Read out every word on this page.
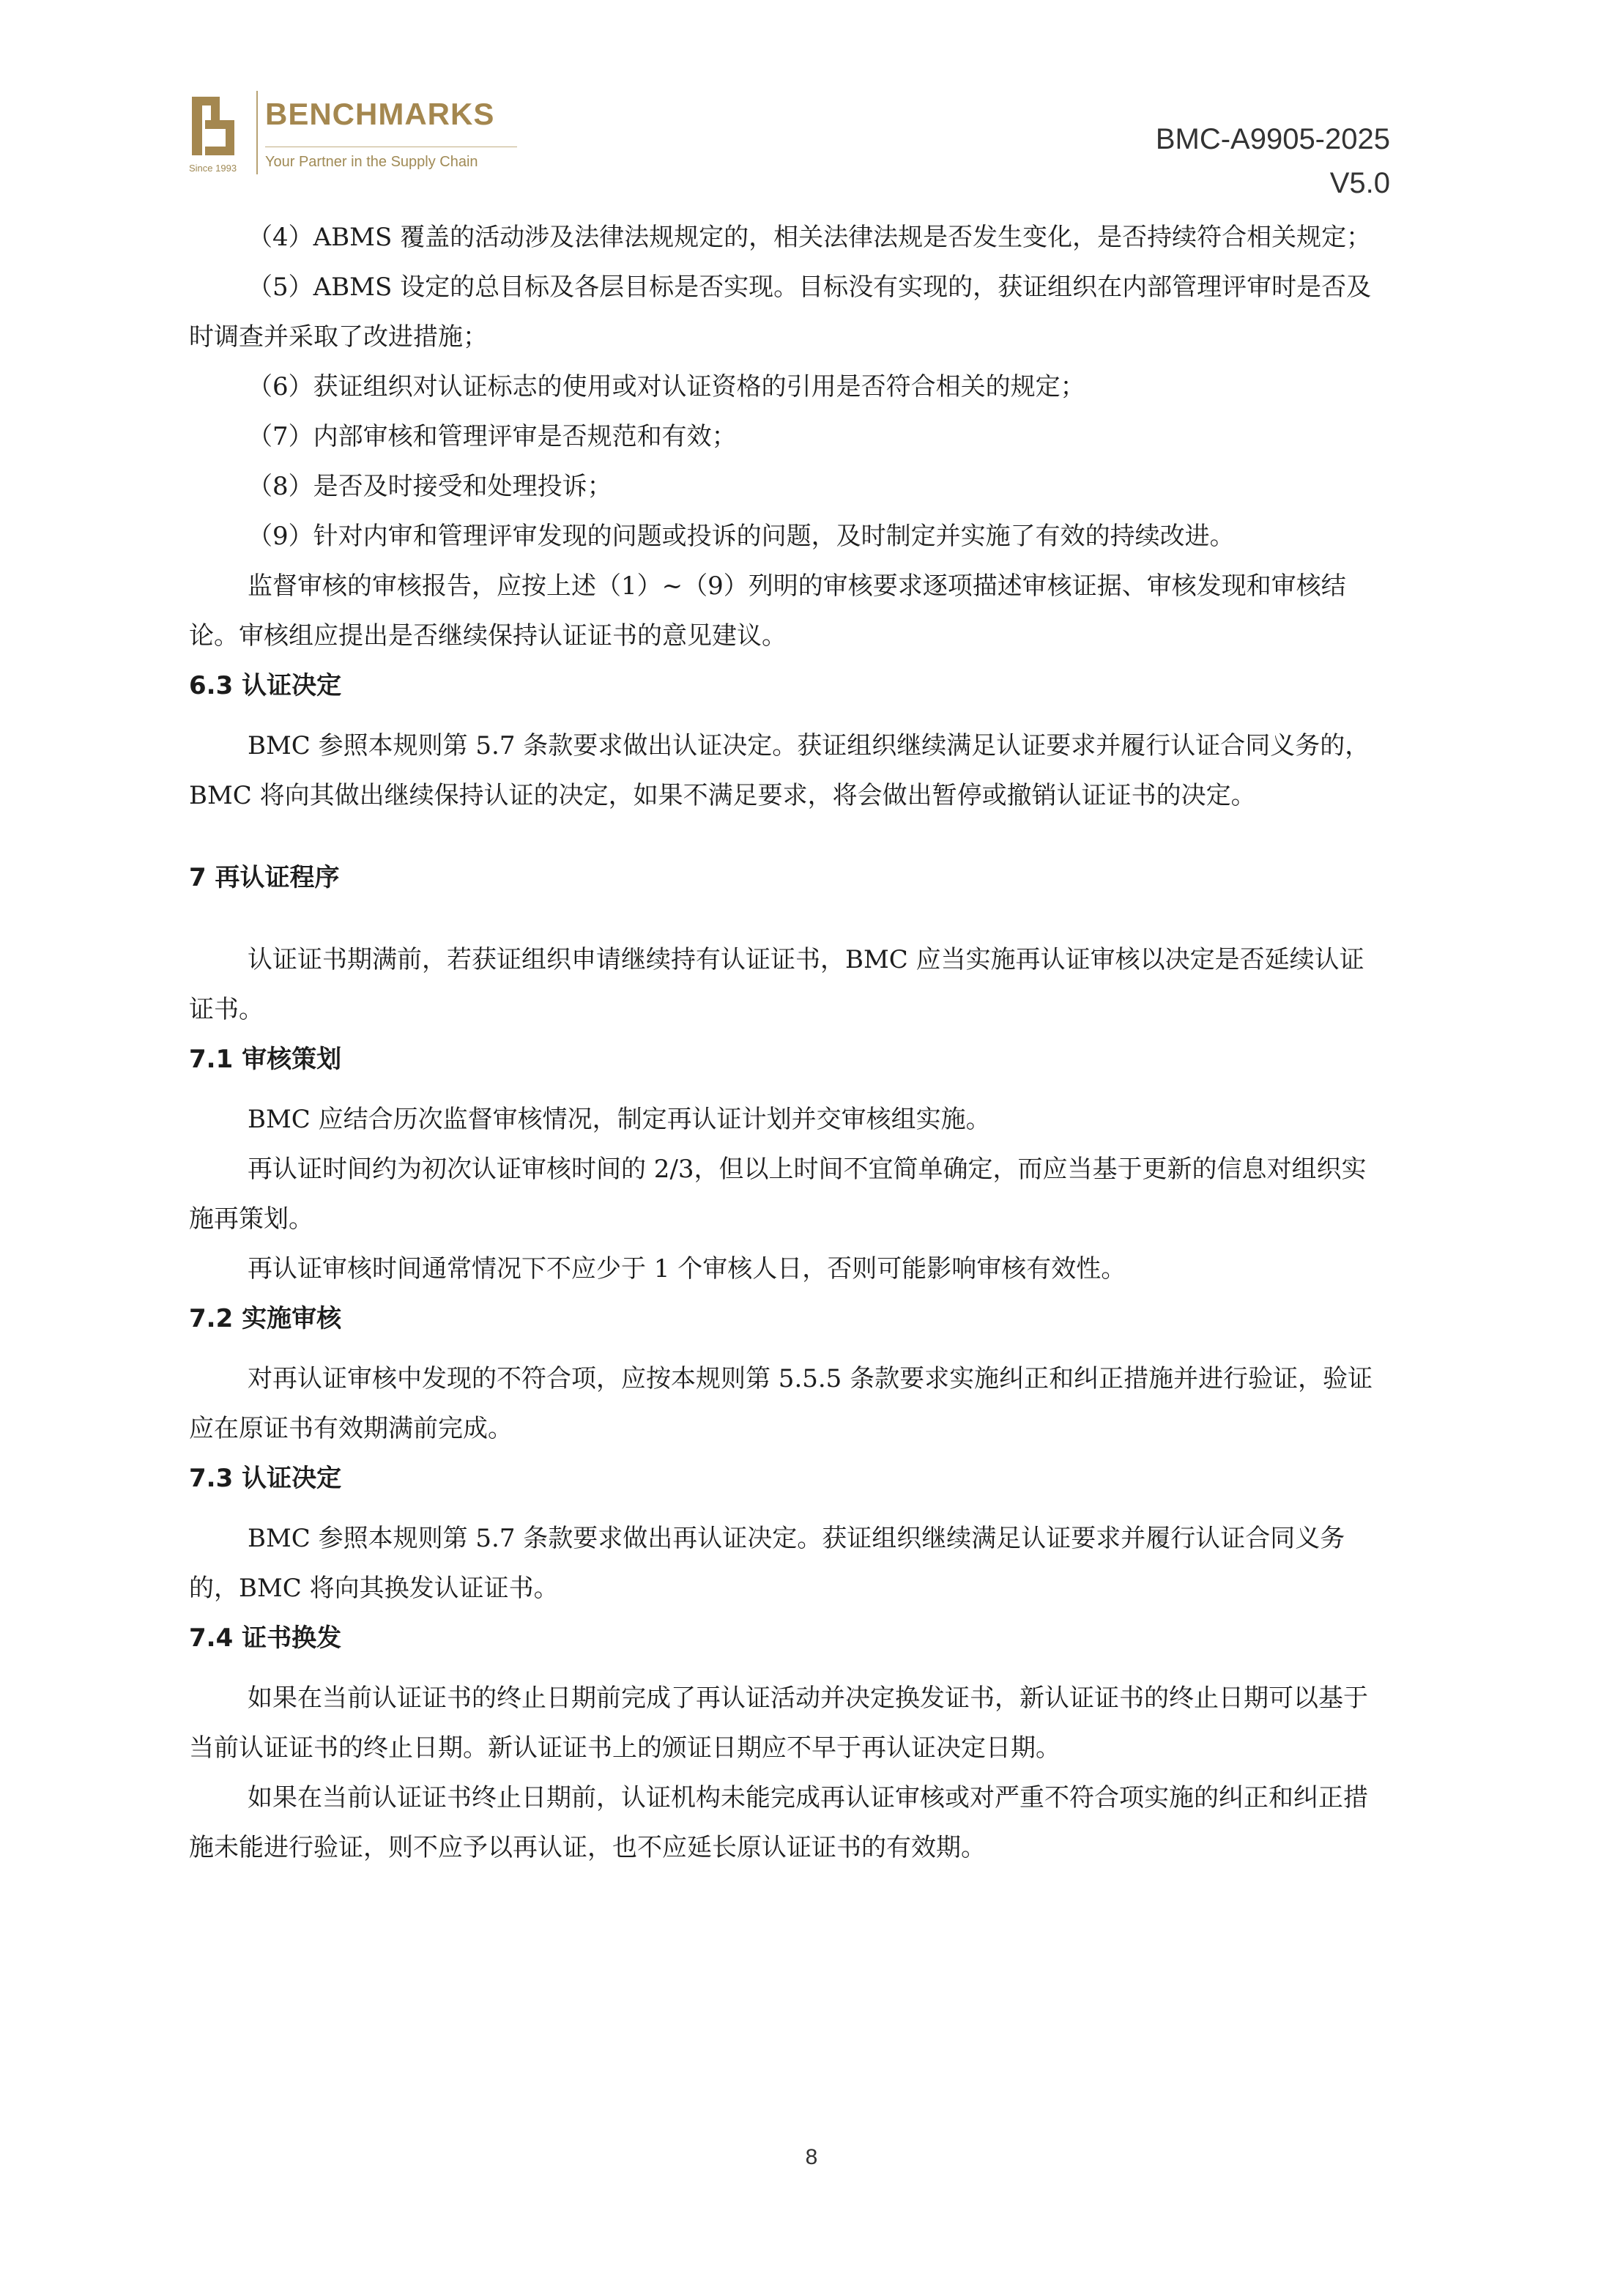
Since 1993
BENCHMARKS
Your Partner in the Supply Chain
BMC-A9905-2025
V5.0

（4）ABMS 覆盖的活动涉及法律法规规定的，相关法律法规是否发生变化，是否持续符合相关规定；

（5）ABMS 设定的总目标及各层目标是否实现。目标没有实现的，获证组织在内部管理评审时是否及时调查并采取了改进措施；

（6）获证组织对认证标志的使用或对认证资格的引用是否符合相关的规定；

（7）内部审核和管理评审是否规范和有效；

（8）是否及时接受和处理投诉；

（9）针对内审和管理评审发现的问题或投诉的问题，及时制定并实施了有效的持续改进。

监督审核的审核报告，应按上述（1）~（9）列明的审核要求逐项描述审核证据、审核发现和审核结论。审核组应提出是否继续保持认证证书的意见建议。

6.3 认证决定

BMC 参照本规则第 5.7 条款要求做出认证决定。获证组织继续满足认证要求并履行认证合同义务的，BMC 将向其做出继续保持认证的决定，如果不满足要求，将会做出暂停或撤销认证证书的决定。

7 再认证程序

认证证书期满前，若获证组织申请继续持有认证证书，BMC 应当实施再认证审核以决定是否延续认证证书。

7.1 审核策划

BMC 应结合历次监督审核情况，制定再认证计划并交审核组实施。

再认证时间约为初次认证审核时间的 2/3，但以上时间不宜简单确定，而应当基于更新的信息对组织实施再策划。

再认证审核时间通常情况下不应少于 1 个审核人日，否则可能影响审核有效性。

7.2 实施审核

对再认证审核中发现的不符合项，应按本规则第 5.5.5 条款要求实施纠正和纠正措施并进行验证，验证应在原证书有效期满前完成。

7.3 认证决定

BMC 参照本规则第 5.7 条款要求做出再认证决定。获证组织继续满足认证要求并履行认证合同义务的，BMC 将向其换发认证证书。

7.4 证书换发

如果在当前认证证书的终止日期前完成了再认证活动并决定换发证书，新认证证书的终止日期可以基于当前认证证书的终止日期。新认证证书上的颁证日期应不早于再认证决定日期。

如果在当前认证证书终止日期前，认证机构未能完成再认证审核或对严重不符合项实施的纠正和纠正措施未能进行验证，则不应予以再认证，也不应延长原认证证书的有效期。

8
